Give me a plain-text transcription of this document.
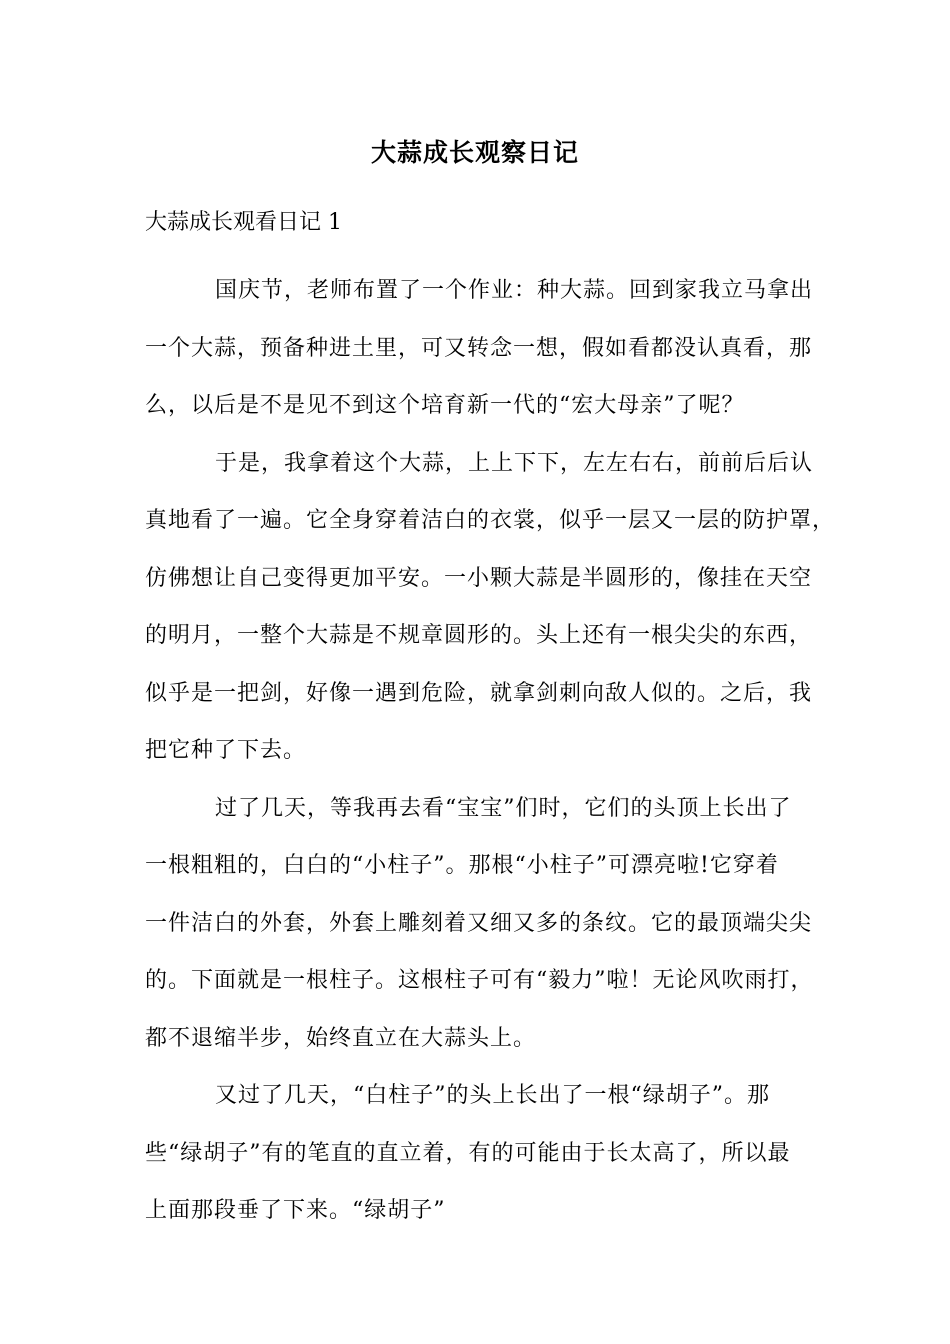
大蒜成长观察日记
大蒜成长观看日记 1
国庆节，老师布置了一个作业：种大蒜。回到家我立马拿出
一个大蒜，预备种进土里，可又转念一想，假如看都没认真看，那
么，以后是不是见不到这个培育新一代的“宏大母亲”了呢？
于是，我拿着这个大蒜，上上下下，左左右右，前前后后认
真地看了一遍。它全身穿着洁白的衣裳，似乎一层又一层的防护罩，
仿佛想让自己变得更加平安。一小颗大蒜是半圆形的，像挂在天空
的明月，一整个大蒜是不规章圆形的。头上还有一根尖尖的东西，
似乎是一把剑，好像一遇到危险，就拿剑刺向敌人似的。之后，我
把它种了下去。
过了几天，等我再去看“宝宝”们时，它们的头顶上长出了
一根粗粗的，白白的“小柱子”。那根“小柱子”可漂亮啦!它穿着
一件洁白的外套，外套上雕刻着又细又多的条纹。它的最顶端尖尖
的。下面就是一根柱子。这根柱子可有“毅力”啦！无论风吹雨打，
都不退缩半步，始终直立在大蒜头上。
又过了几天，“白柱子”的头上长出了一根“绿胡子”。那
些“绿胡子”有的笔直的直立着，有的可能由于长太高了，所以最
上面那段垂了下来。“绿胡子”
